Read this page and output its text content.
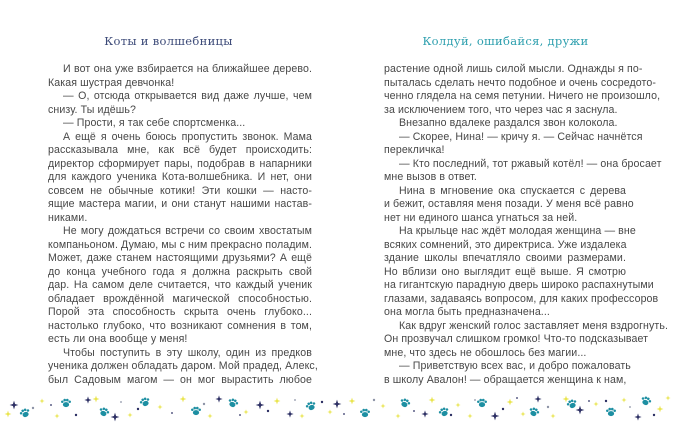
Коты и волшебницы
И вот она уже взбирается на ближайшее дерево.
Какая шустрая девчонка!
— О, отсюда открывается вид даже лучше, чем
снизу. Ты идёшь?
— Прости, я так себе спортсменка...
А ещё я очень боюсь пропустить звонок. Мама
рассказывала мне, как всё будет происходить:
директор сформирует пары, подобрав в напарники
для каждого ученика Кота-волшебника. И нет, они
совсем не обычные котики! Эти кошки — насто-
ящие мастера магии, и они станут нашими настав-
никами.
Не могу дождаться встречи со своим хвостатым
компаньоном. Думаю, мы с ним прекрасно поладим.
Может, даже станем настоящими друзьями? А ещё
до конца учебного года я должна раскрыть свой
дар. На самом деле считается, что каждый ученик
обладает врождённой магической способностью.
Порой эта способность скрыта очень глубоко...
настолько глубоко, что возникают сомнения в том,
есть ли она вообще у меня!
Чтобы поступить в эту школу, один из предков
ученика должен обладать даром. Мой прадед, Алекс,
был Садовым магом — он мог вырастить любое
Колдуй, ошибайся, дружи
растение одной лишь силой мысли. Однажды я по-
пыталась сделать нечто подобное и очень сосредото-
ченно глядела на семя петунии. Ничего не произошло,
за исключением того, что через час я заснула.
Внезапно вдалеке раздался звон колокола.
— Скорее, Нина! — кричу я. — Сейчас начнётся
перекличка!
— Кто последний, тот ржавый котёл! — она бросает
мне вызов в ответ.
Нина в мгновение ока спускается с дерева
и бежит, оставляя меня позади. У меня всё равно
нет ни единого шанса угнаться за ней.
На крыльце нас ждёт молодая женщина — вне
всяких сомнений, это директриса. Уже издалека
здание школы впечатляло своими размерами.
Но вблизи оно выглядит ещё выше. Я смотрю
на гигантскую парадную дверь широко распахнутыми
глазами, задаваясь вопросом, для каких профессоров
она могла быть предназначена...
Как вдруг женский голос заставляет меня вздрогнуть.
Он прозвучал слишком громко! Что-то подсказывает
мне, что здесь не обошлось без магии...
— Приветствую всех вас, и добро пожаловать
в школу Авалон! — обращается женщина к нам,
